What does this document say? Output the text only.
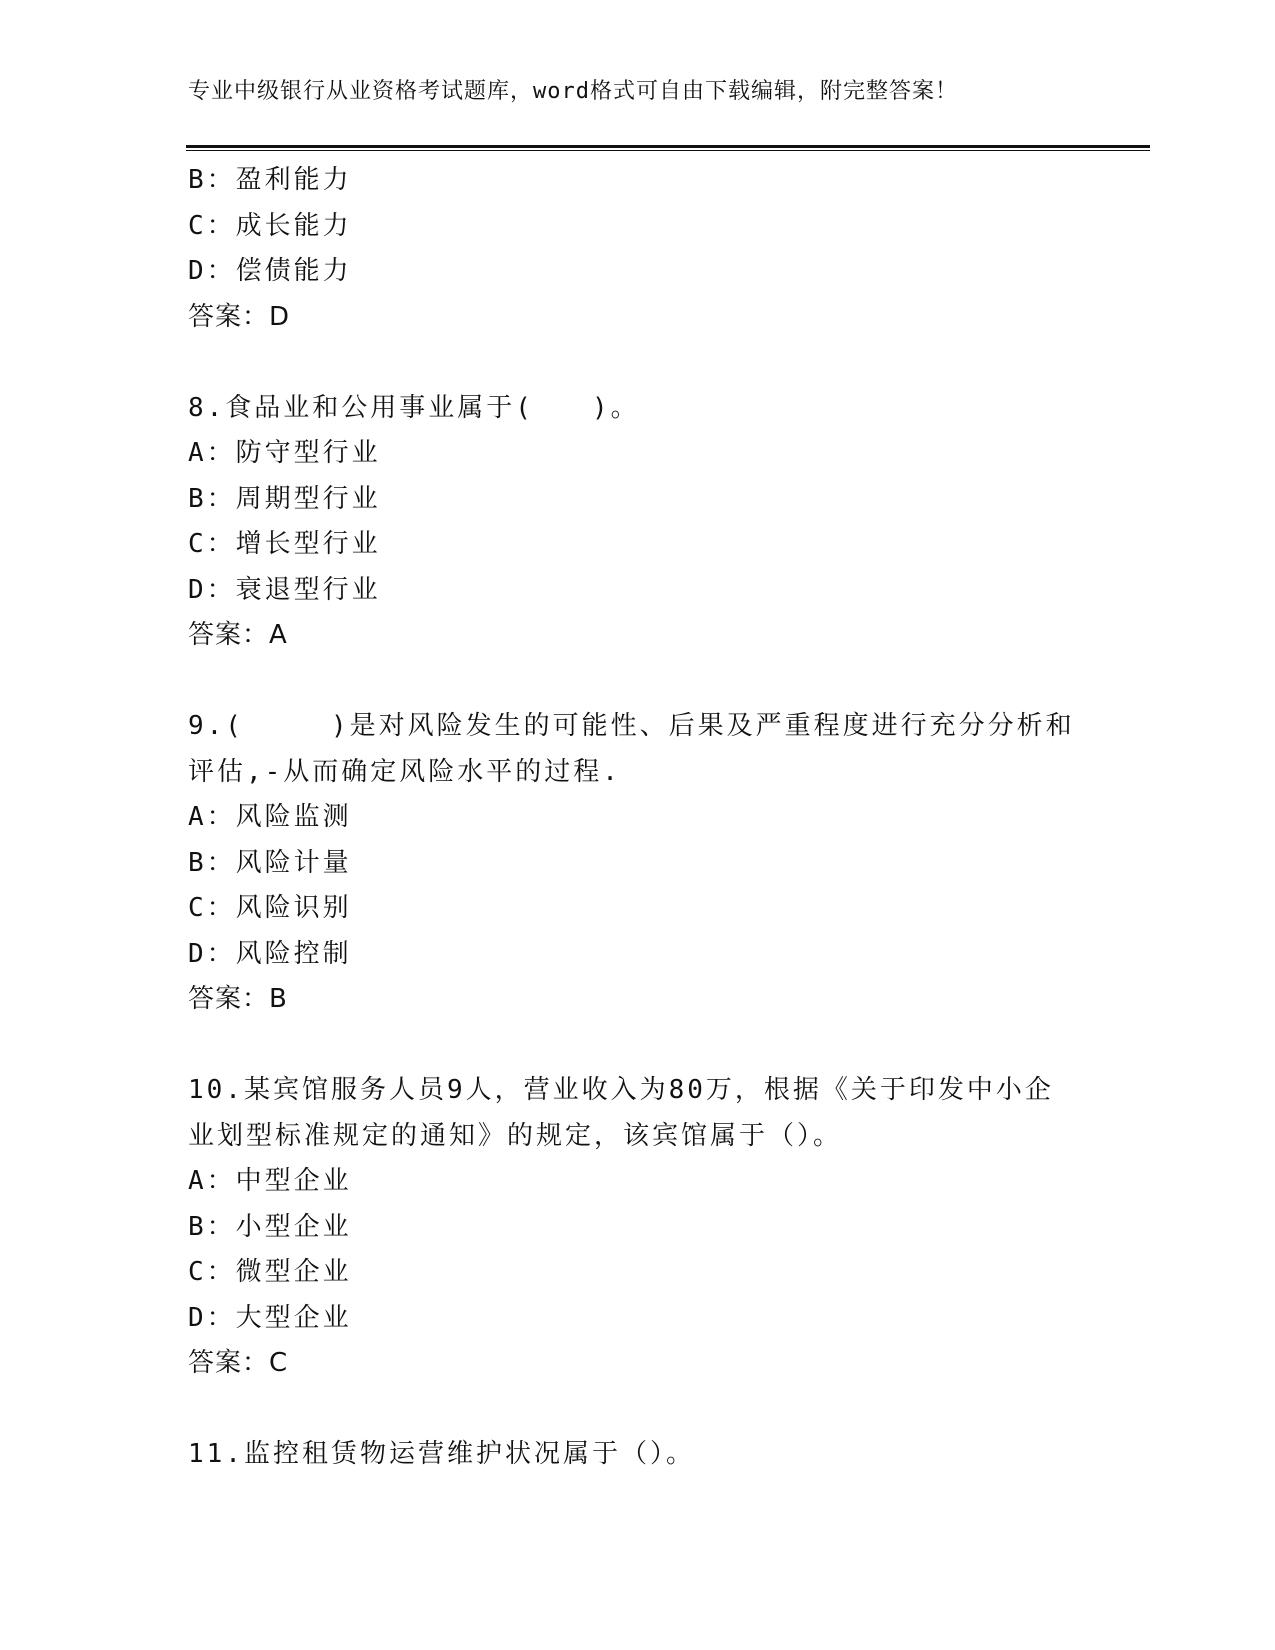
专业中级银行从业资格考试题库，word格式可自由下载编辑，附完整答案！
B：盈利能力
C：成长能力
D：偿债能力
答案：D
8.食品业和公用事业属于(　　)。
A：防守型行业
B：周期型行业
C：增长型行业
D：衰退型行业
答案：A
9.(　　　)是对风险发生的可能性、后果及严重程度进行充分分析和
评估,-从而确定风险水平的过程.
A：风险监测
B：风险计量
C：风险识别
D：风险控制
答案：B
10.某宾馆服务人员9人，营业收入为80万，根据《关于印发中小企
业划型标准规定的通知》的规定，该宾馆属于（）。
A：中型企业
B：小型企业
C：微型企业
D：大型企业
答案：C
11.监控租赁物运营维护状况属于（）。
